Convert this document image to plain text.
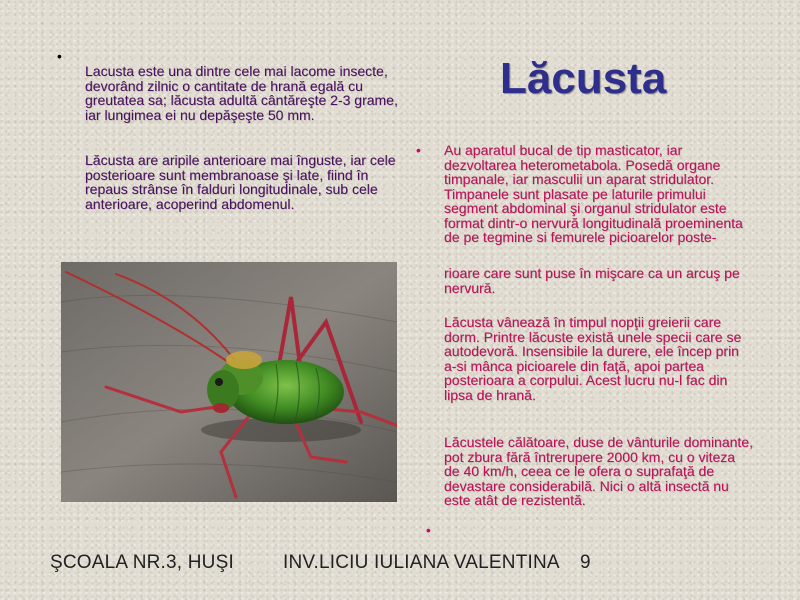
•
Lacusta este una dintre cele mai lacome insecte, devorând zilnic o cantitate de hrană egală cu greutatea sa; lăcusta adultă cântăreşte 2-3 grame, iar lungimea ei nu depăşeşte 50 mm.
Lăcusta are aripile anterioare mai înguste, iar cele posterioare sunt membranoase şi late, fiind în repaus strânse în falduri longitudinale, sub cele anterioare, acoperind abdomenul.
Lăcusta
• Au aparatul bucal de tip masticator, iar dezvoltarea heterometabola. Posedă organe timpanale, iar masculii un aparat stridulator. Timpanele sunt plasate pe laturile primului segment abdominal şi organul stridulator este format dintr-o nervură longitudinală proeminenta de pe tegmine si femurele picioarelor poste-
rioare care sunt puse în mişcare ca un arcuş pe nervură.
Lăcusta vânează în timpul nopţii greierii care dorm. Printre lăcuste există unele specii care se autodevoră. Insensibile la durere, ele încep prin a-si mânca picioarele din faţă, apoi partea posterioara a corpului. Acest lucru nu-l fac din lipsa de hrană.
Lăcustele călătoare, duse de vânturile dominante, pot zbura fără întrerupere 2000 km, cu o viteza de 40 km/h, ceea ce le ofera o suprafaţă de devastare considerabilă. Nici o altă insectă nu este atât de rezistentă.
•
ŞCOALA NR.3, HUŞI	INV.LICIU IULIANA VALENTINA 9
